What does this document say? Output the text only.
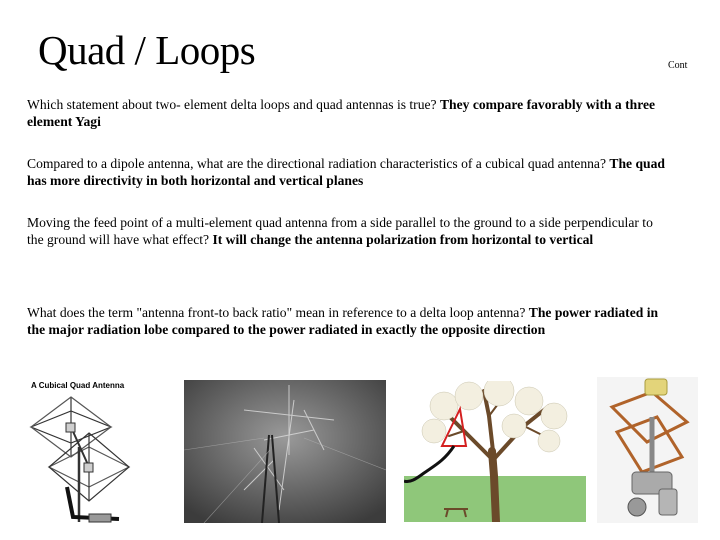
Quad / Loops	Cont
Which statement about two- element delta loops and quad antennas is true? They compare favorably with a three element Yagi
Compared to a dipole antenna, what are the directional radiation characteristics of a cubical quad antenna? The quad has more directivity in both horizontal and vertical planes
Moving the feed point of a multi-element quad antenna from a side parallel to the ground to a side perpendicular to the ground will have what effect? It will change the antenna polarization from horizontal to vertical
What does the term "antenna front-to back ratio" mean in reference to a delta loop antenna? The power radiated in the major radiation lobe compared to the power radiated in exactly the opposite direction
A Cubical Quad Antenna
